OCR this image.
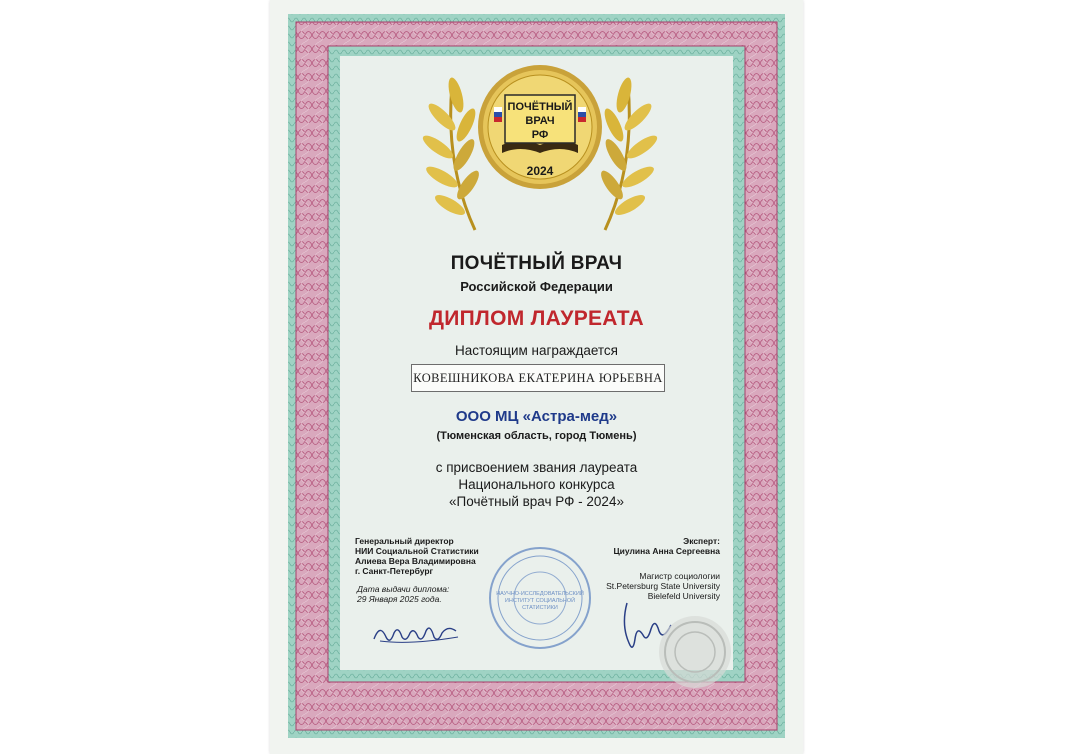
ПОЧЁТНЫЙ
ВРАЧ
РФ
2024
ПОЧЁТНЫЙ ВРАЧ
Российской Федерации
ДИПЛОМ ЛАУРЕАТА
Настоящим награждается
КОВЕШНИКОВА ЕКАТЕРИНА ЮРЬЕВНА
ООО МЦ «Астра-мед»
(Тюменская область, город Тюмень)
с присвоением звания лауреата
Национального конкурса
«Почётный врач РФ - 2024»
Генеральный директор
НИИ Социальной Статистики
Алиева Вера Владимировна
г. Санкт-Петербург
Дата выдачи диплома:
29 Января 2025 года.	НАУЧНО-ИССЛЕДОВАТЕЛЬСКИЙ
ИНСТИТУТ СОЦИАЛЬНОЙ
СТАТИСТИКИ
Эксперт:
Циулина Анна Сергеевна
Магистр социологии
St.Petersburg State University
Bielefeld University
